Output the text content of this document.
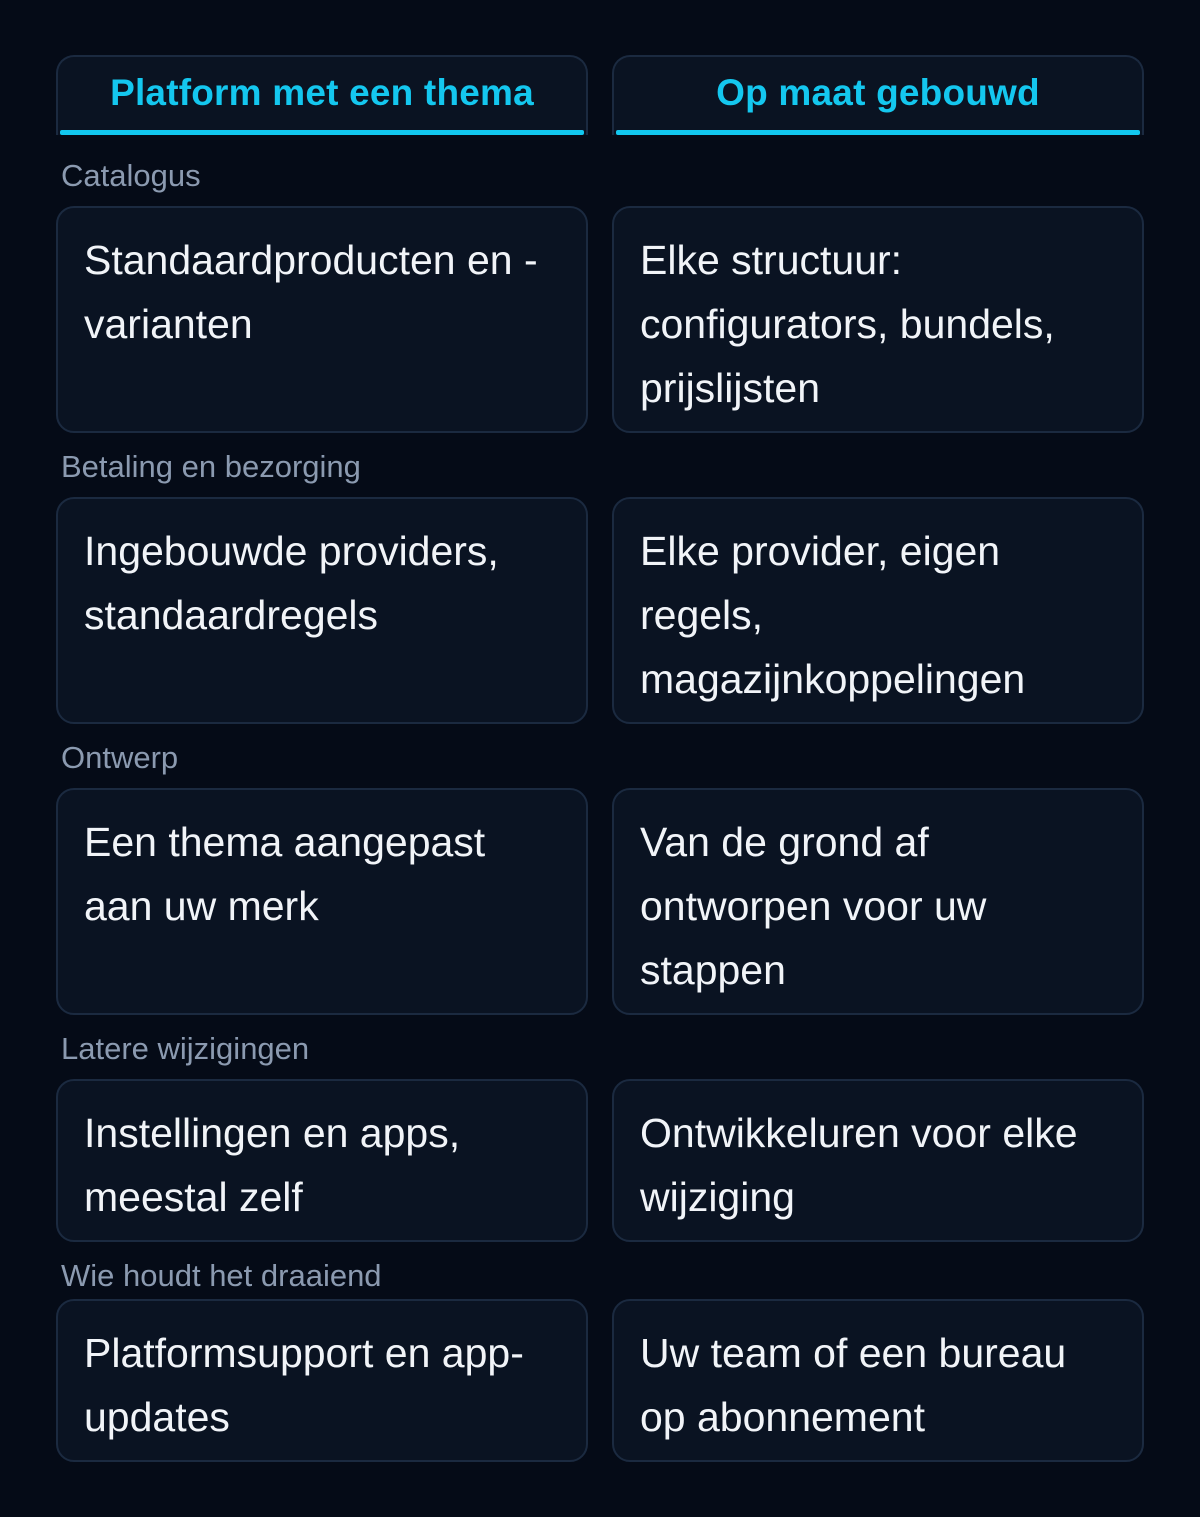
Platform met een thema	Op maat gebouwd
Catalogus
Standaardproducten en -varianten
Elke structuur: configurators, bundels, prijslijsten
Betaling en bezorging
Ingebouwde providers, standaardregels
Elke provider, eigen regels, magazijnkoppelingen
Ontwerp
Een thema aangepast aan uw merk
Van de grond af ontworpen voor uw stappen
Latere wijzigingen
Instellingen en apps, meestal zelf
Ontwikkeluren voor elke wijziging
Wie houdt het draaiend
Platformsupport en app-updates
Uw team of een bureau op abonnement
